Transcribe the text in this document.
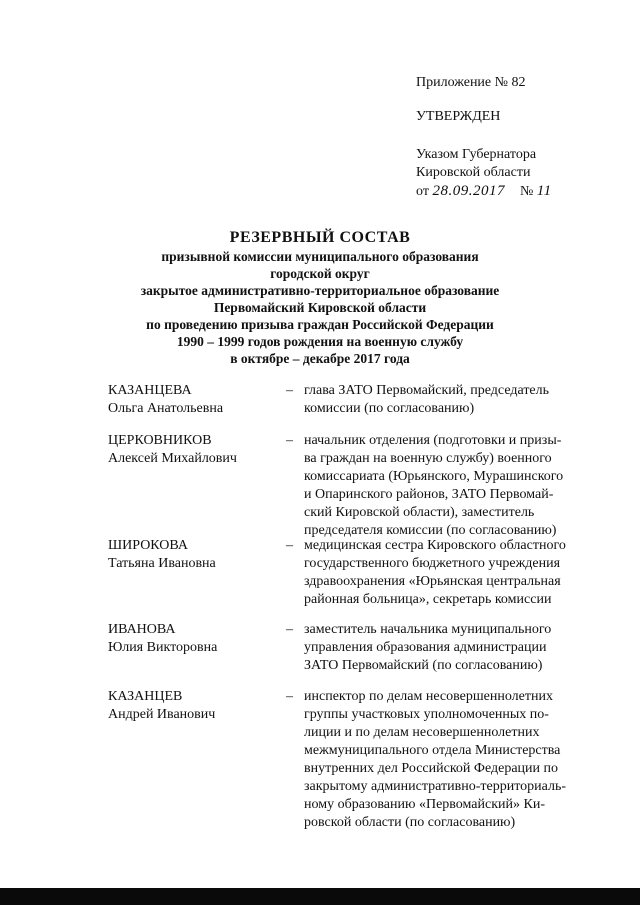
Приложение № 82
УТВЕРЖДЕН
Указом Губернатора
Кировской области
от 28.09.2017 № 11
РЕЗЕРВНЫЙ СОСТАВ
призывной комиссии муниципального образования
городской округ
закрытое административно-территориальное образование
Первомайский Кировской области
по проведению призыва граждан Российской Федерации
1990 – 1999 годов рождения на военную службу
в октябре – декабре 2017 года
КАЗАНЦЕВА
Ольга Анатольевна
– глава ЗАТО Первомайский, председатель
комиссии (по согласованию)
ЦЕРКОВНИКОВ
Алексей Михайлович
– начальник отделения (подготовки и призы-
ва граждан на военную службу) военного
комиссариата (Юрьянского, Мурашинского
и Опаринского районов, ЗАТО Первомай-
ский Кировской области), заместитель
председателя комиссии (по согласованию)
ШИРОКОВА
Татьяна Ивановна
– медицинская сестра Кировского областного
государственного бюджетного учреждения
здравоохранения «Юрьянская центральная
районная больница», секретарь комиссии
ИВАНОВА
Юлия Викторовна
– заместитель начальника муниципального
управления образования администрации
ЗАТО Первомайский (по согласованию)
КАЗАНЦЕВ
Андрей Иванович
– инспектор по делам несовершеннолетних
группы участковых уполномоченных по-
лиции и по делам несовершеннолетних
межмуниципального отдела Министерства
внутренних дел Российской Федерации по
закрытому административно-территориаль-
ному образованию «Первомайский» Ки-
ровской области (по согласованию)
